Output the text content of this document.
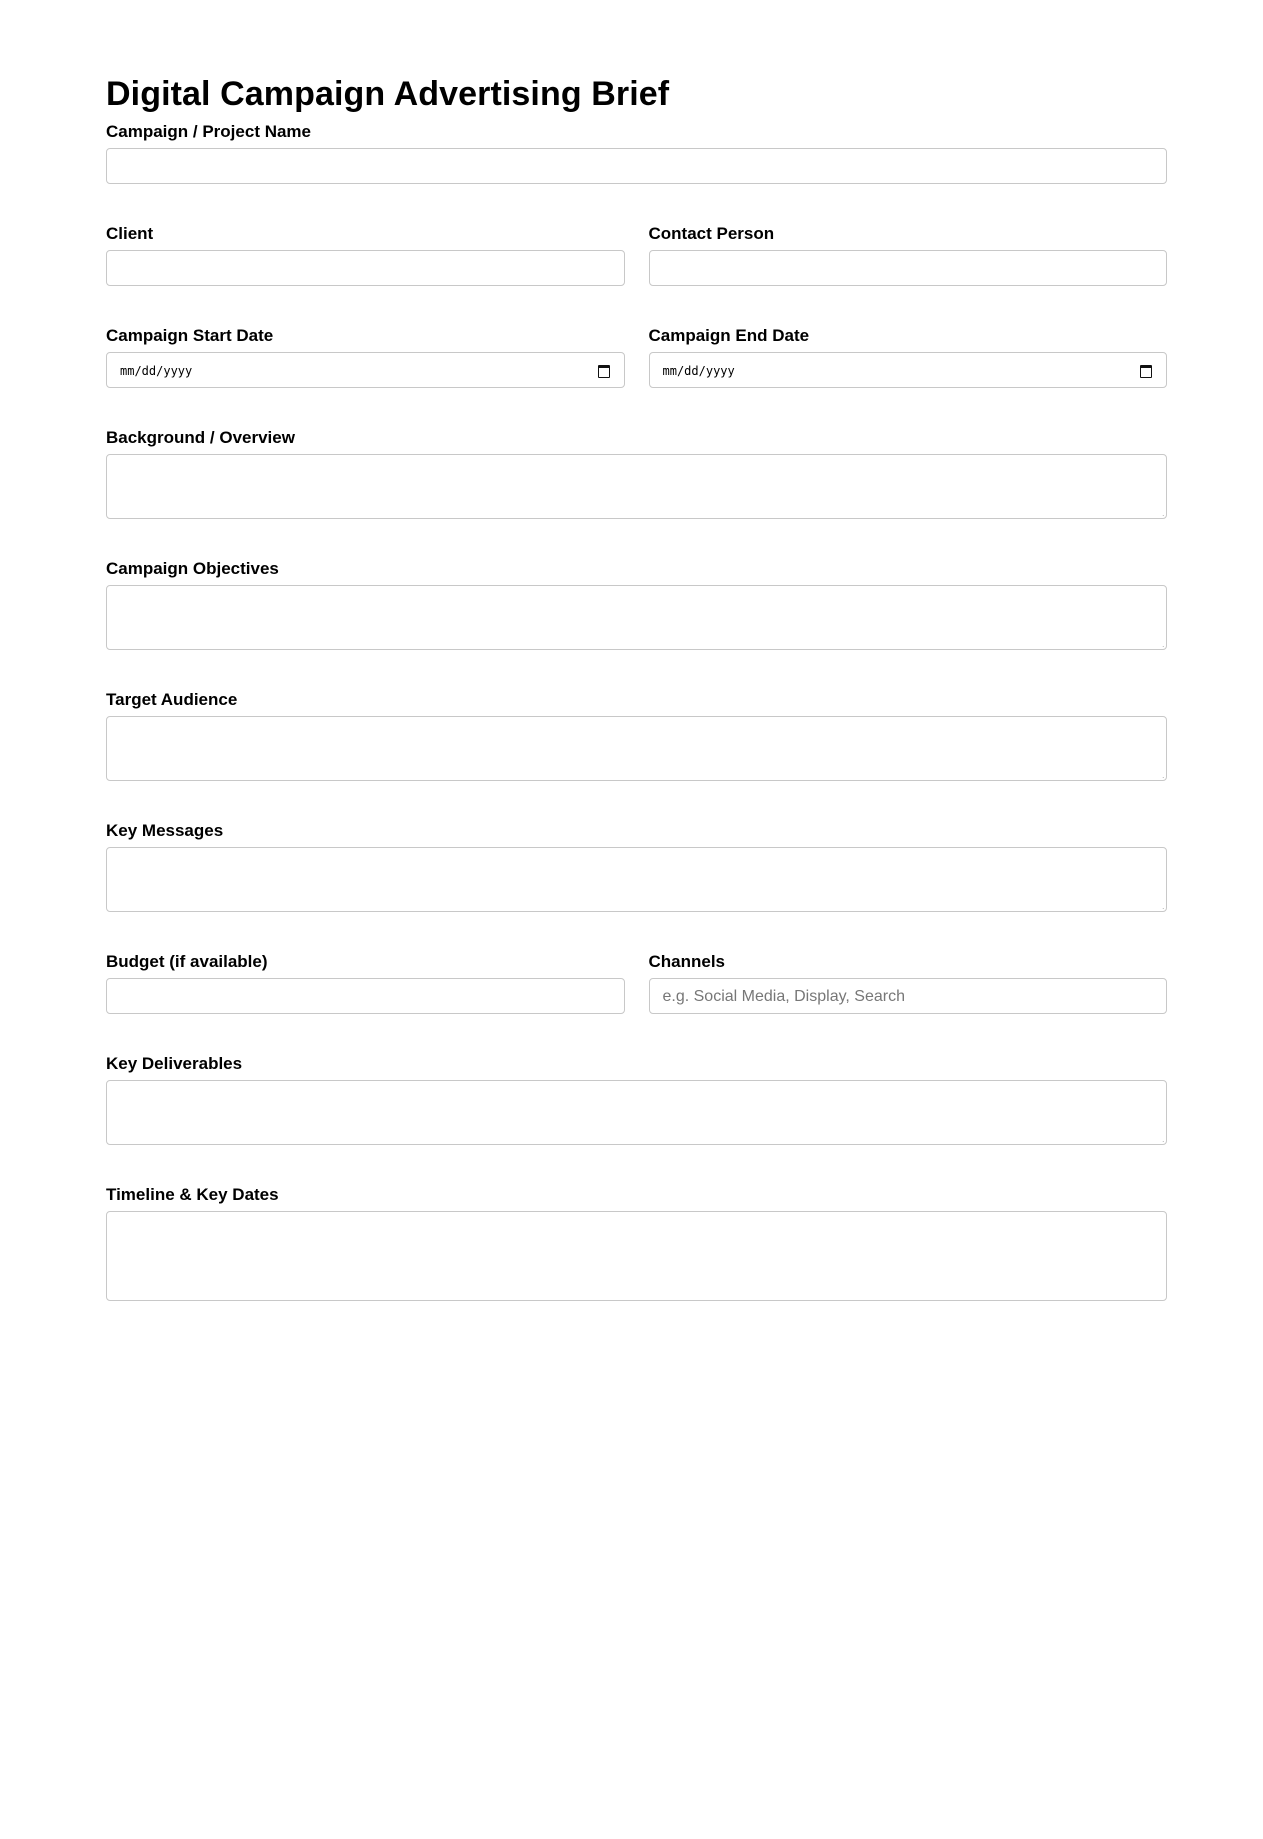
Digital Campaign Advertising Brief
Campaign / Project Name
Client	Contact Person
Campaign Start Date
mm/dd/yyyy
Campaign End Date
mm/dd/yyyy
Background / Overview
Campaign Objectives
Target Audience
Key Messages
Budget (if available)	Channels
e.g. Social Media, Display, Search
Key Deliverables
Timeline & Key Dates
